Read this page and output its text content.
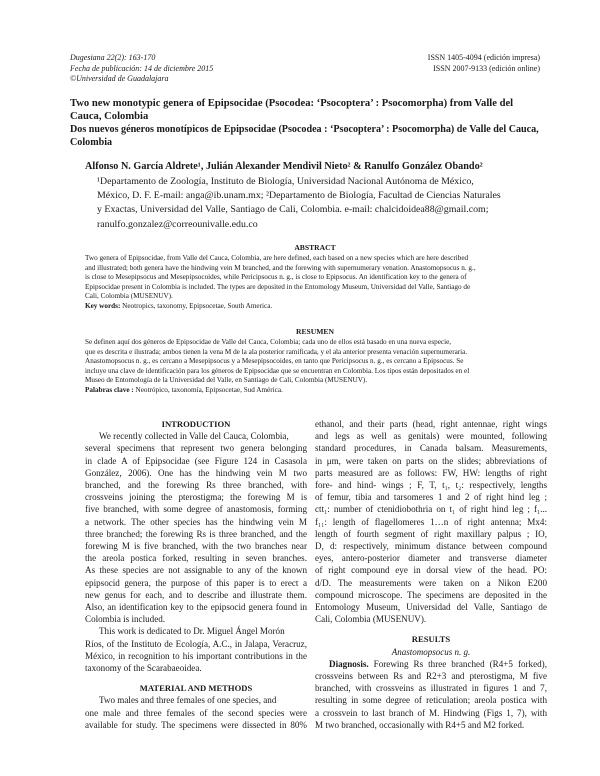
Dugesiana 22(2): 163-170
Fecha de publicación: 14 de diciembre 2015
©Universidad de Guadalajara
ISSN 1405-4094 (edición impresa)
ISSN 2007-9133 (edición online)
Two new monotypic genera of Epipsocidae (Psocodea: ‘Psocoptera’ : Psocomorpha) from Valle del Cauca, Colombia
Dos nuevos géneros monotípicos de Epipsocidae (Psocodea : ‘Psocoptera’ : Psocomorpha) de Valle del Cauca, Colombia
Alfonso N. García Aldrete¹, Julián Alexander Mendivil Nieto² & Ranulfo González Obando²
¹Departamento de Zoología, Instituto de Biología, Universidad Nacional Autónoma de México,
México, D. F. E-mail: anga@ib.unam.mx; ²Departamento de Biología, Facultad de Ciencias Naturales
y Exactas, Universidad del Valle, Santiago de Cali, Colombia. e-mail: chalcidoidea88@gmail.com;
ranulfo.gonzalez@correounivalle.edu.co
ABSTRACT
Two genera of Epipsocidae, from Valle del Cauca, Colombia, are here defined, each based on a new species which are here described
and illustrated; both genera have the hindwing vein M branched, and the forewing with supernumerary venation. Anastomopsocus n. g.,
is close to Mesepipsocus and Mesepipsocoides, while Pericipsocus n. g., is close to Epipsocus. An identification key to the genera of
Epipsocidae present in Colombia is included. The types are deposited in the Entomology Museum, Universidad del Valle, Santiago de
Cali, Colombia (MUSENUV).
Key words: Neotropics, taxonomy, Epipsocetae, South America.
RESUMEN
Se definen aquí dos géneros de Epipsocidae de Valle del Cauca, Colombia; cada uno de ellos está basado en una nueva especie,
que es descrita e ilustrada; ambos tienen la vena M de la ala posterior ramificada, y el ala anterior presenta venación supernumeraria.
Anastomopsocus n. g., es cercano a Mesepipsocus y a Mesepipsocoides, en tanto que Pericipsocus n. g., es cercano a Epipsocus. Se
incluye una clave de identificación para los géneros de Epipsocidae que se encuentran en Colombia. Los tipos están depositados en el
Museo de Entomología de la Universidad del Valle, en Santiago de Cali, Colombia (MUSENUV).
Palabras clave : Neotrópico, taxonomía, Epipsocetae, Sud América.
INTRODUCTION
We recently collected in Valle del Cauca, Colombia,
several specimens that represent two genera belonging
in clade A of Epipsocidae (see Figure 124 in Casasola
González, 2006). One has the hindwing vein M two
branched, and the forewing Rs three branched, with
crossveins joining the pterostigma; the forewing M is
five branched, with some degree of anastomosis, forming
a network. The other species has the hindwing vein M
three branched; the forewing Rs is three branched, and the
forewing M is five branched, with the two branches near
the areola postica forked, resulting in seven branches.
As these species are not assignable to any of the known
epipsocid genera, the purpose of this paper is to erect a
new genus for each, and to describe and illustrate them.
Also, an identification key to the epipsocid genera found in
Colombia is included.
This work is dedicated to Dr. Miguel Ángel Morón
Ríos, of the Instituto de Ecología, A.C., in Jalapa, Veracruz,
México, in recognition to his important contributions in the
taxonomy of the Scarabaeoidea.
MATERIAL AND METHODS
Two males and three females of one species, and
one male and three females of the second species were
available for study. The specimens were dissected in 80%
ethanol, and their parts (head, right antennae, right wings
and legs as well as genitals) were mounted, following
standard procedures, in Canada balsam. Measurements,
in μm, were taken on parts on the slides; abbreviations of
parts measured are as follows: FW, HW: lengths of right
fore- and hind- wings ; F, T, t₁, t₂: respectively, lengths
of femur, tibia and tarsomeres 1 and 2 of right hind leg ;
ctt₁: number of ctenidiobothria on t₁ of right hind leg ; f₁...
f₁₁: length of flagellomeres 1…n of right antenna; Mx4:
length of fourth segment of right maxillary palpus ; IO,
D, d: respectively, minimum distance between compound
eyes, antero-posterior diameter and transverse diameter
of right compound eye in dorsal view of the head. PO:
d/D. The measurements were taken on a Nikon E200
compound microscope. The specimens are deposited in the
Entomology Museum, Universidad del Valle, Santiago de
Cali, Colombia (MUSENUV).
RESULTS
Anastomopsocus n. g.
Diagnosis. Forewing Rs three branched (R4+5 forked),
crossveins between Rs and R2+3 and pterostigma, M five
branched, with crossveins as illustrated in figures 1 and 7,
resulting in some degree of reticulation; areola postica with
a crossvein to last branch of M. Hindwing (Figs 1, 7), with
M two branched, occasionally with R4+5 and M2 forked.
